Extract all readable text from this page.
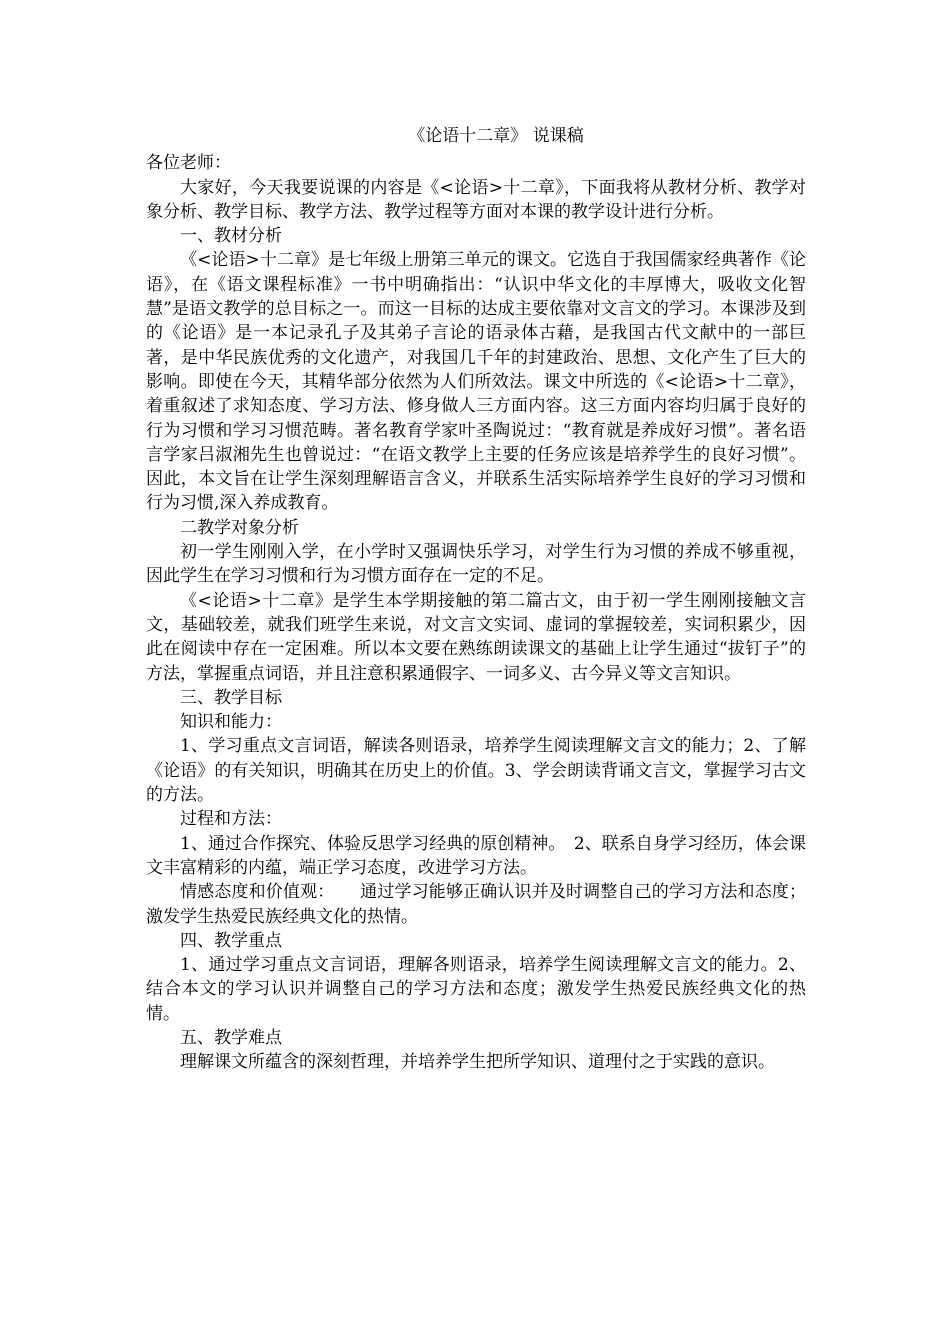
《论语十二章》 说课稿

各位老师：

大家好，今天我要说课的内容是《<论语>十二章》，下面我将从教材分析、教学对象分析、教学目标、教学方法、教学过程等方面对本课的教学设计进行分析。

一、教材分析

《<论语>十二章》是七年级上册第三单元的课文。它选自于我国儒家经典著作《论语》，在《语文课程标准》一书中明确指出：“认识中华文化的丰厚博大，吸收文化智慧”是语文教学的总目标之一。而这一目标的达成主要依靠对文言文的学习。本课涉及到的《论语》是一本记录孔子及其弟子言论的语录体古藉，是我国古代文献中的一部巨著，是中华民族优秀的文化遗产，对我国几千年的封建政治、思想、文化产生了巨大的影响。即使在今天，其精华部分依然为人们所效法。课文中所选的《<论语>十二章》，着重叙述了求知态度、学习方法、修身做人三方面内容。这三方面内容均归属于良好的行为习惯和学习习惯范畴。著名教育学家叶圣陶说过：“教育就是养成好习惯”。著名语言学家吕淑湘先生也曾说过：“在语文教学上主要的任务应该是培养学生的良好习惯”。因此，本文旨在让学生深刻理解语言含义，并联系生活实际培养学生良好的学习习惯和行为习惯,深入养成教育。

二教学对象分析

初一学生刚刚入学，在小学时又强调快乐学习，对学生行为习惯的养成不够重视，因此学生在学习习惯和行为习惯方面存在一定的不足。

《<论语>十二章》是学生本学期接触的第二篇古文，由于初一学生刚刚接触文言文，基础较差，就我们班学生来说，对文言文实词、虚词的掌握较差，实词积累少，因此在阅读中存在一定困难。所以本文要在熟练朗读课文的基础上让学生通过“拔钉子”的方法，掌握重点词语，并且注意积累通假字、一词多义、古今异义等文言知识。

三、教学目标

知识和能力：

1、学习重点文言词语，解读各则语录，培养学生阅读理解文言文的能力；2、了解《论语》的有关知识，明确其在历史上的价值。3、学会朗读背诵文言文，掌握学习古文的方法。

过程和方法：

1、通过合作探究、体验反思学习经典的原创精神。　2、联系自身学习经历，体会课文丰富精彩的内蕴，端正学习态度，改进学习方法。

情感态度和价值观：　　通过学习能够正确认识并及时调整自己的学习方法和态度；激发学生热爱民族经典文化的热情。

四、教学重点

1、通过学习重点文言词语，理解各则语录，培养学生阅读理解文言文的能力。2、结合本文的学习认识并调整自己的学习方法和态度；激发学生热爱民族经典文化的热情。

五、教学难点

理解课文所蕴含的深刻哲理，并培养学生把所学知识、道理付之于实践的意识。
